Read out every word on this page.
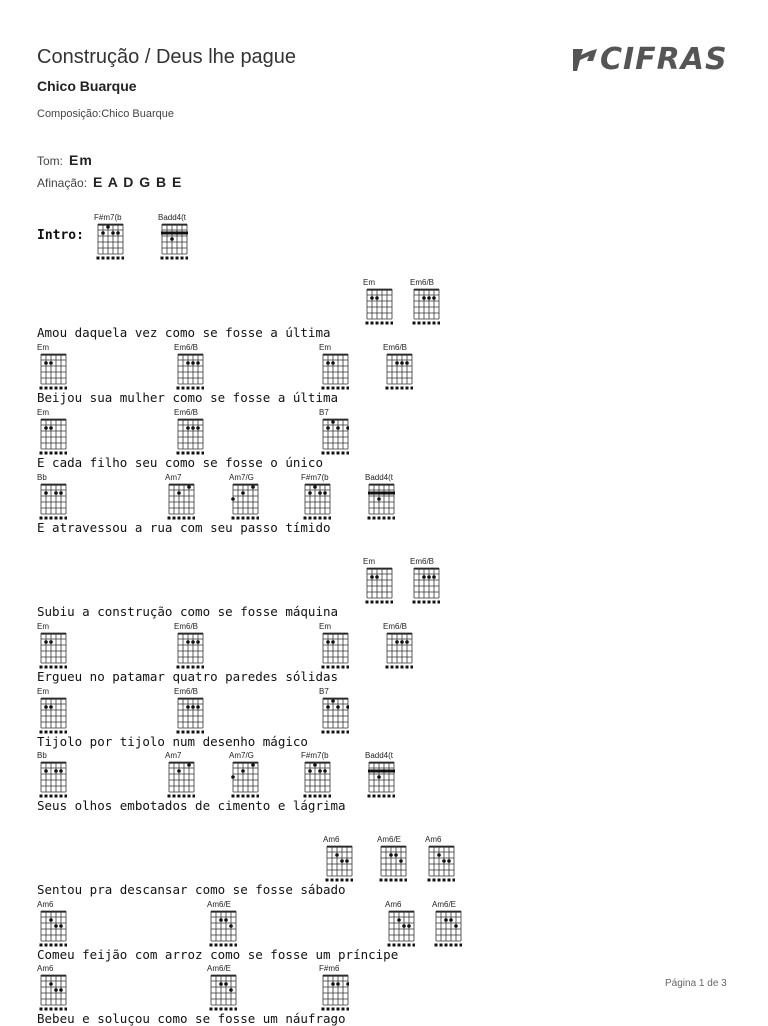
Construção / Deus lhe pague
Chico Buarque
Composição:Chico Buarque
CIFRAS
Tom: Em
Afinação: E A D G B E
Intro:
F#m7(b	Badd4(t
Em	Em6/B
Em	Em6/B	Em	Em6/B
Em	Em6/B	B7
Bb	Am7	Am7/G	F#m7(b	Badd4(t
Em	Em6/B
Em	Em6/B	Em	Em6/B
Em	Em6/B	B7
Bb	Am7	Am7/G	F#m7(b	Badd4(t
Am6	Am6/E	Am6
Am6	Am6/E	Am6	Am6/E
Am6	Am6/E	F#m6
Amou daquela vez como se fosse a última
Beijou sua mulher como se fosse a última
E cada filho seu como se fosse o único
E atravessou a rua com seu passo tímido
Subiu a construção como se fosse máquina
Ergueu no patamar quatro paredes sólidas
Tijolo por tijolo num desenho mágico
Seus olhos embotados de cimento e lágrima
Sentou pra descansar como se fosse sábado
Comeu feijão com arroz como se fosse um príncipe
Bebeu e soluçou como se fosse um náufrago
Página 1 de 3
